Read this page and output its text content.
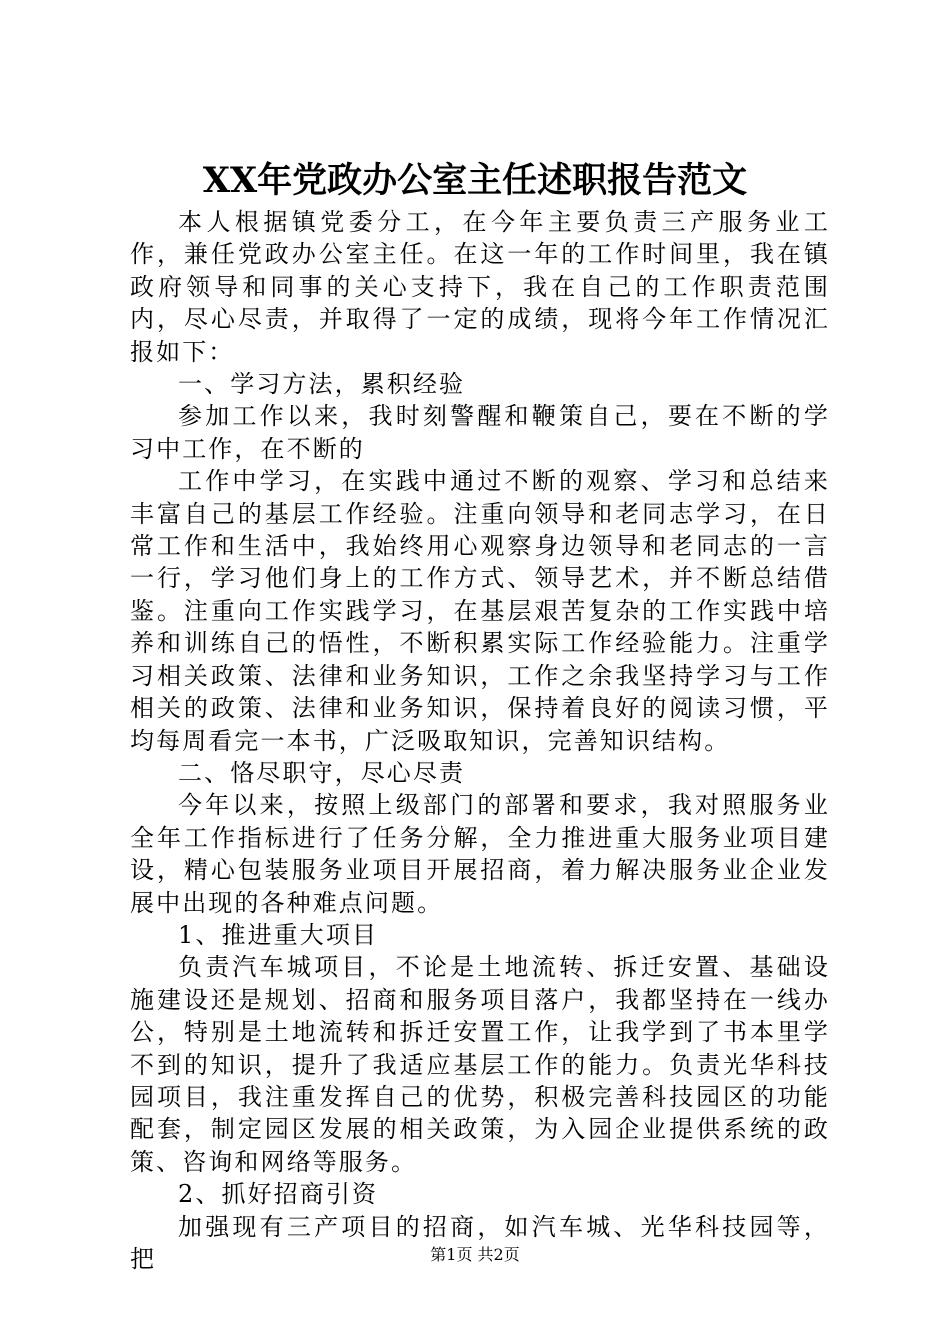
XX年党政办公室主任述职报告范文

本人根据镇党委分工，在今年主要负责三产服务业工作，兼任党政办公室主任。在这一年的工作时间里，我在镇政府领导和同事的关心支持下，我在自己的工作职责范围内，尽心尽责，并取得了一定的成绩，现将今年工作情况汇报如下：

一、学习方法，累积经验

参加工作以来，我时刻警醒和鞭策自己，要在不断的学习中工作，在不断的

工作中学习，在实践中通过不断的观察、学习和总结来丰富自己的基层工作经验。注重向领导和老同志学习，在日常工作和生活中，我始终用心观察身边领导和老同志的一言一行，学习他们身上的工作方式、领导艺术，并不断总结借鉴。注重向工作实践学习，在基层艰苦复杂的工作实践中培养和训练自己的悟性，不断积累实际工作经验能力。注重学习相关政策、法律和业务知识，工作之余我坚持学习与工作相关的政策、法律和业务知识，保持着良好的阅读习惯，平均每周看完一本书，广泛吸取知识，完善知识结构。

二、恪尽职守，尽心尽责

今年以来，按照上级部门的部署和要求，我对照服务业全年工作指标进行了任务分解，全力推进重大服务业项目建设，精心包装服务业项目开展招商，着力解决服务业企业发展中出现的各种难点问题。

1、推进重大项目

负责汽车城项目，不论是土地流转、拆迁安置、基础设施建设还是规划、招商和服务项目落户，我都坚持在一线办公，特别是土地流转和拆迁安置工作，让我学到了书本里学不到的知识，提升了我适应基层工作的能力。负责光华科技园项目，我注重发挥自己的优势，积极完善科技园区的功能配套，制定园区发展的相关政策，为入园企业提供系统的政策、咨询和网络等服务。

2、抓好招商引资

加强现有三产项目的招商，如汽车城、光华科技园等，把	第1页 共2页
